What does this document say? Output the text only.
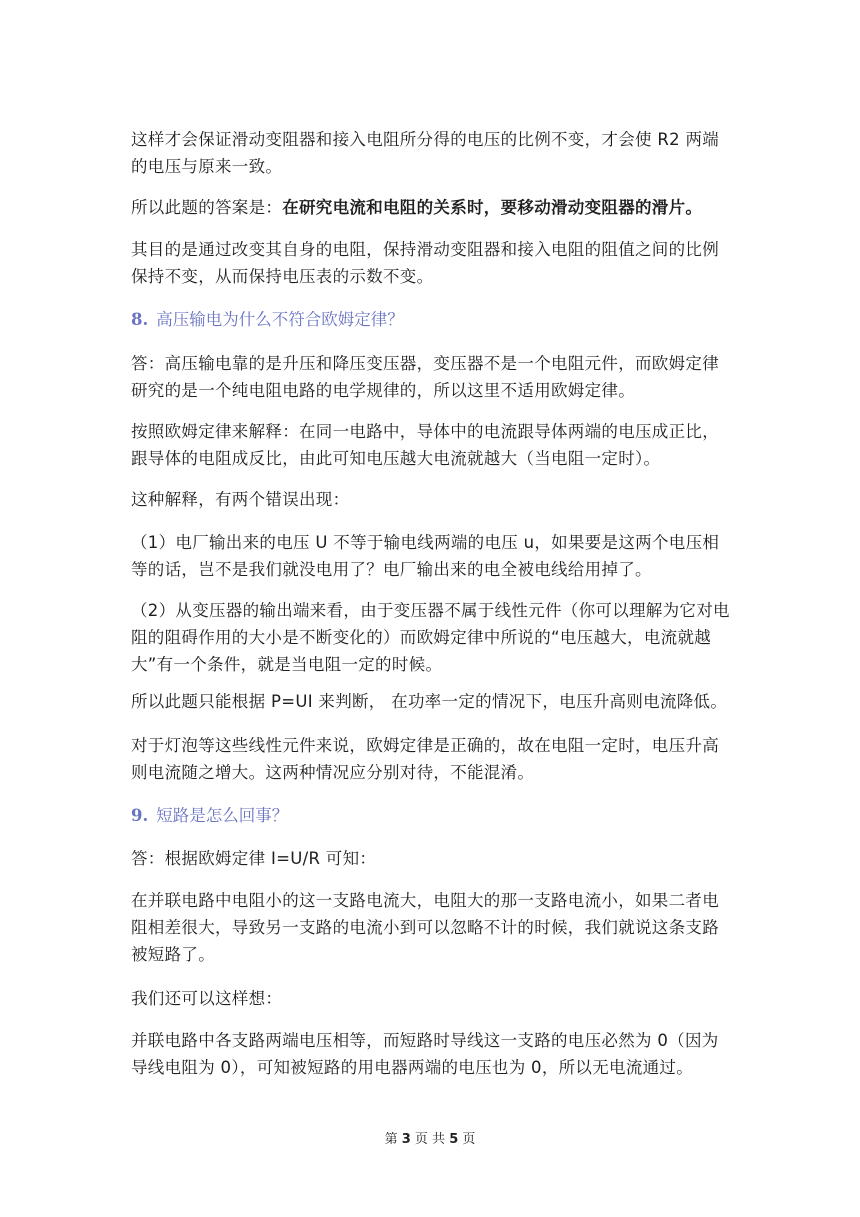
这样才会保证滑动变阻器和接入电阻所分得的电压的比例不变，才会使 R2 两端的电压与原来一致。

所以此题的答案是：在研究电流和电阻的关系时，要移动滑动变阻器的滑片。

其目的是通过改变其自身的电阻，保持滑动变阻器和接入电阻的阻值之间的比例保持不变，从而保持电压表的示数不变。

8. 高压输电为什么不符合欧姆定律？

答：高压输电靠的是升压和降压变压器，变压器不是一个电阻元件，而欧姆定律研究的是一个纯电阻电路的电学规律的，所以这里不适用欧姆定律。

按照欧姆定律来解释：在同一电路中，导体中的电流跟导体两端的电压成正比，跟导体的电阻成反比，由此可知电压越大电流就越大（当电阻一定时）。

这种解释，有两个错误出现：

（1）电厂输出来的电压 U 不等于输电线两端的电压 u，如果要是这两个电压相等的话，岂不是我们就没电用了？电厂输出来的电全被电线给用掉了。

（2）从变压器的输出端来看，由于变压器不属于线性元件（你可以理解为它对电阻的阻碍作用的大小是不断变化的）而欧姆定律中所说的“电压越大，电流就越大”有一个条件，就是当电阻一定的时候。

所以此题只能根据 P=UI 来判断， 在功率一定的情况下，电压升高则电流降低。

对于灯泡等这些线性元件来说，欧姆定律是正确的，故在电阻一定时，电压升高则电流随之增大。这两种情况应分别对待，不能混淆。

9. 短路是怎么回事？

答：根据欧姆定律 I=U/R 可知：

在并联电路中电阻小的这一支路电流大，电阻大的那一支路电流小，如果二者电阻相差很大，导致另一支路的电流小到可以忽略不计的时候，我们就说这条支路被短路了。

我们还可以这样想：

并联电路中各支路两端电压相等，而短路时导线这一支路的电压必然为 0（因为导线电阻为 0），可知被短路的用电器两端的电压也为 0，所以无电流通过。

第 3 页 共 5 页
